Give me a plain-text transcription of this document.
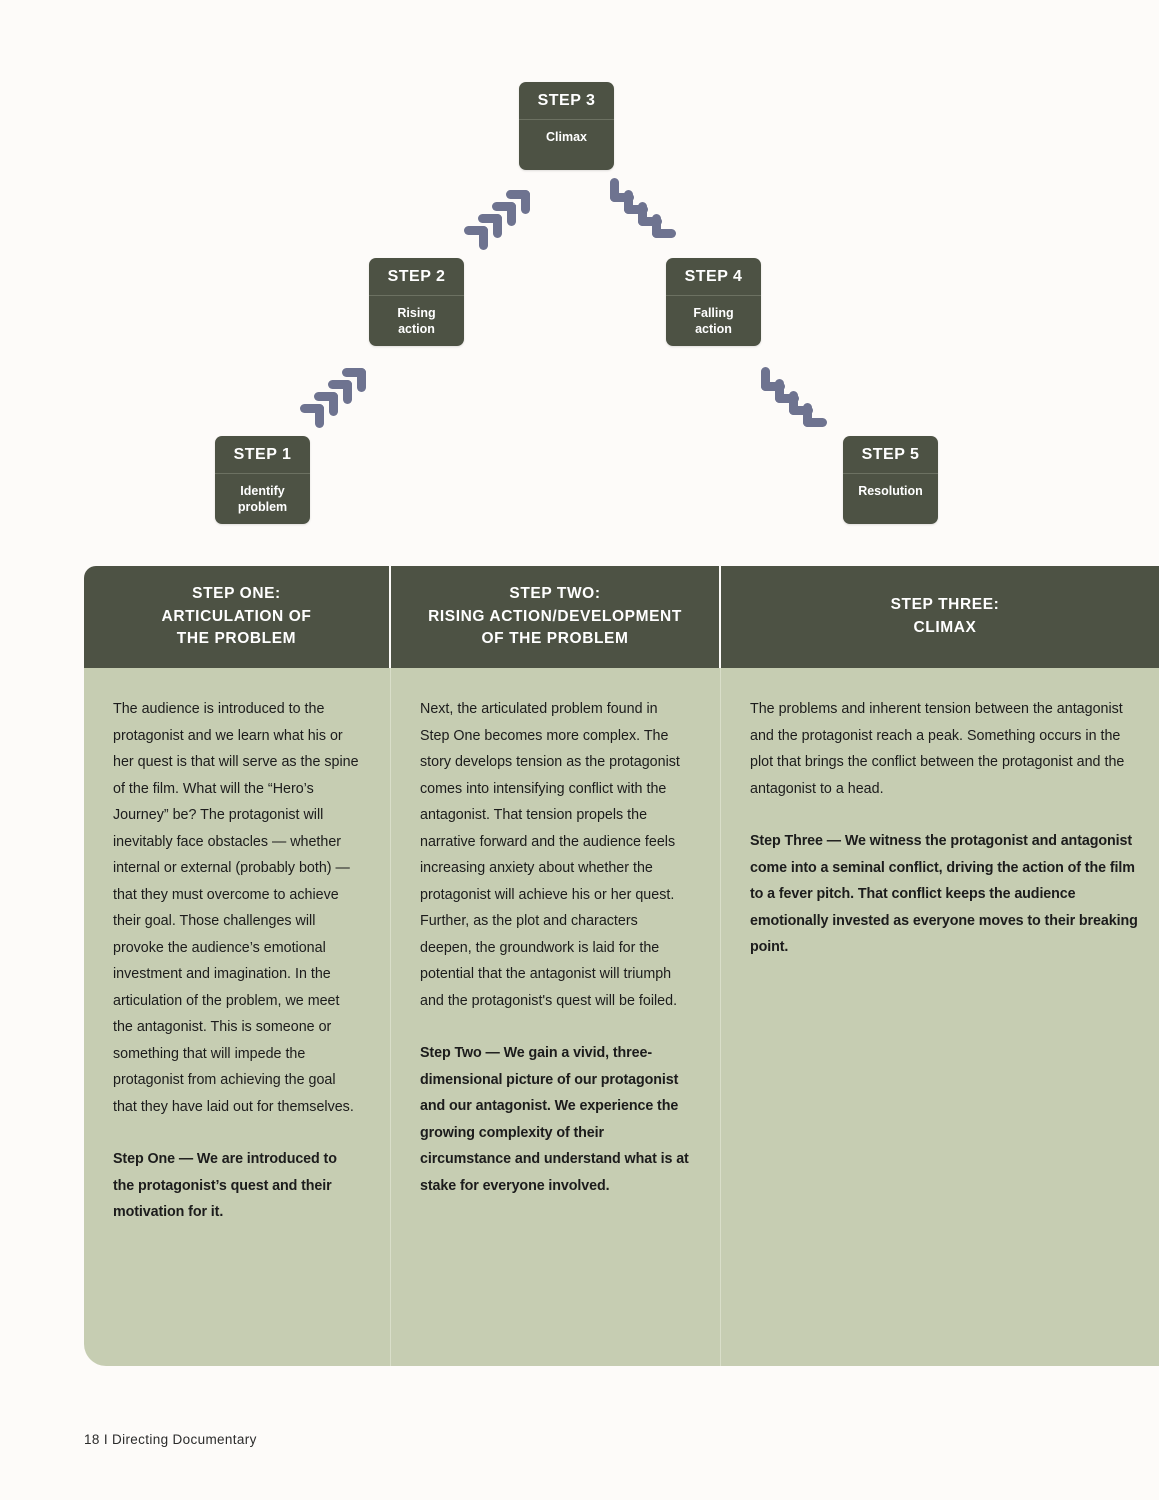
STEP 1
Identify
problem
STEP 2
Rising
action
STEP 3
Climax
STEP 4
Falling
action
STEP 5
Resolution
STEP ONE:
ARTICULATION OF
THE PROBLEM
STEP TWO:
RISING ACTION/DEVELOPMENT
OF THE PROBLEM
STEP THREE:
CLIMAX

The audience is introduced to the protagonist and we learn what his or her quest is that will serve as the spine of the film. What will the “Hero’s Journey” be? The protagonist will inevitably face obstacles — whether internal or external (probably both) — that they must overcome to achieve their goal. Those challenges will provoke the audience’s emotional investment and imagination. In the articulation of the problem, we meet the antagonist. This is someone or something that will impede the protagonist from achieving the goal that they have laid out for themselves.

Step One — We are introduced to the protagonist’s quest and their motivation for it.

Next, the articulated problem found in Step One becomes more complex. The story develops tension as the protagonist comes into intensifying conflict with the antagonist. That tension propels the narrative forward and the audience feels increasing anxiety about whether the protagonist will achieve his or her quest. Further, as the plot and characters deepen, the groundwork is laid for the potential that the antagonist will triumph and the protagonist's quest will be foiled.

Step Two — We gain a vivid, three-dimensional picture of our protagonist and our antagonist. We experience the growing complexity of their circumstance and understand what is at stake for everyone involved.

The problems and inherent tension between the antagonist and the protagonist reach a peak. Something occurs in the plot that brings the conflict between the protagonist and the antagonist to a head.

Step Three — We witness the protagonist and antagonist come into a seminal conflict, driving the action of the film to a fever pitch. That conflict keeps the audience emotionally invested as everyone moves to their breaking point.

18 I Directing Documentary
